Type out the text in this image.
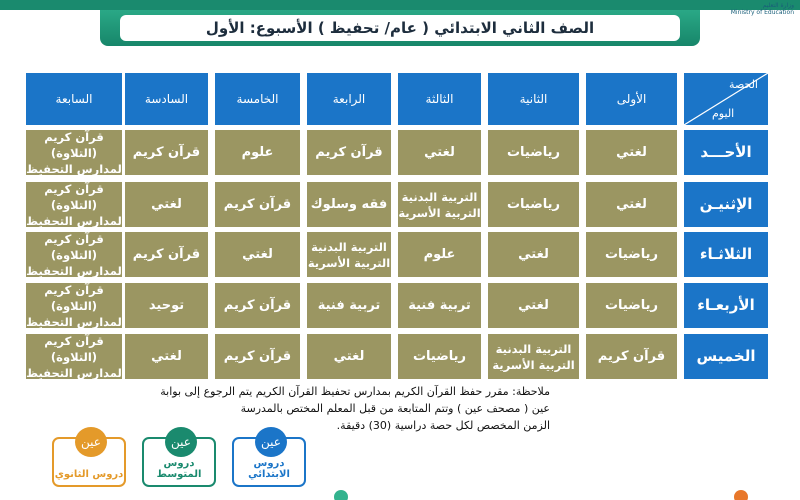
وزارة التعليم
Ministry of Education
الصف الثاني الابتدائي ( عام/ تحفيظ ) الأسبوع: الأول
الحصة
اليوم
الأولى
الثانية
الثالثة
الرابعة
الخامسة
السادسة
السابعة
الأحـــد
لغتي
رياضيات
لغتي
قرآن كريم
علوم
قرآن كريم
قرآن كريم (التلاوة)
لمدارس التحفيظ
الإثنيـن
لغتي
رياضيات
التربية البدنية
التربية الأسرية
فقه وسلوك
قرآن كريم
لغتي
قرآن كريم (التلاوة)
لمدارس التحفيظ
الثلاثـاء
رياضيات
لغتي
علوم
التربية البدنية
التربية الأسرية
لغتي
قرآن كريم
قرآن كريم (التلاوة)
لمدارس التحفيظ
الأربعـاء
رياضيات
لغتي
تربية فنية
تربية فنية
قرآن كريم
توحيد
قرآن كريم (التلاوة)
لمدارس التحفيظ
الخميس
قرآن كريم
التربية البدنية
التربية الأسرية
رياضيات
لغتي
قرآن كريم
لغتي
قرآن كريم (التلاوة)
لمدارس التحفيظ
ملاحظة: مقرر حفظ القرآن الكريم بمدارس تحفيظ القرآن الكريم يتم الرجوع إلى بوابة
عين ( مصحف عين ) وتتم المتابعة من قبل المعلم المختص بالمدرسة
الزمن المخصص لكل حصة دراسية (30) دقيقة.
عين
دروس الابتدائي
عين
دروس المتوسط
عين
دروس الثانوي
